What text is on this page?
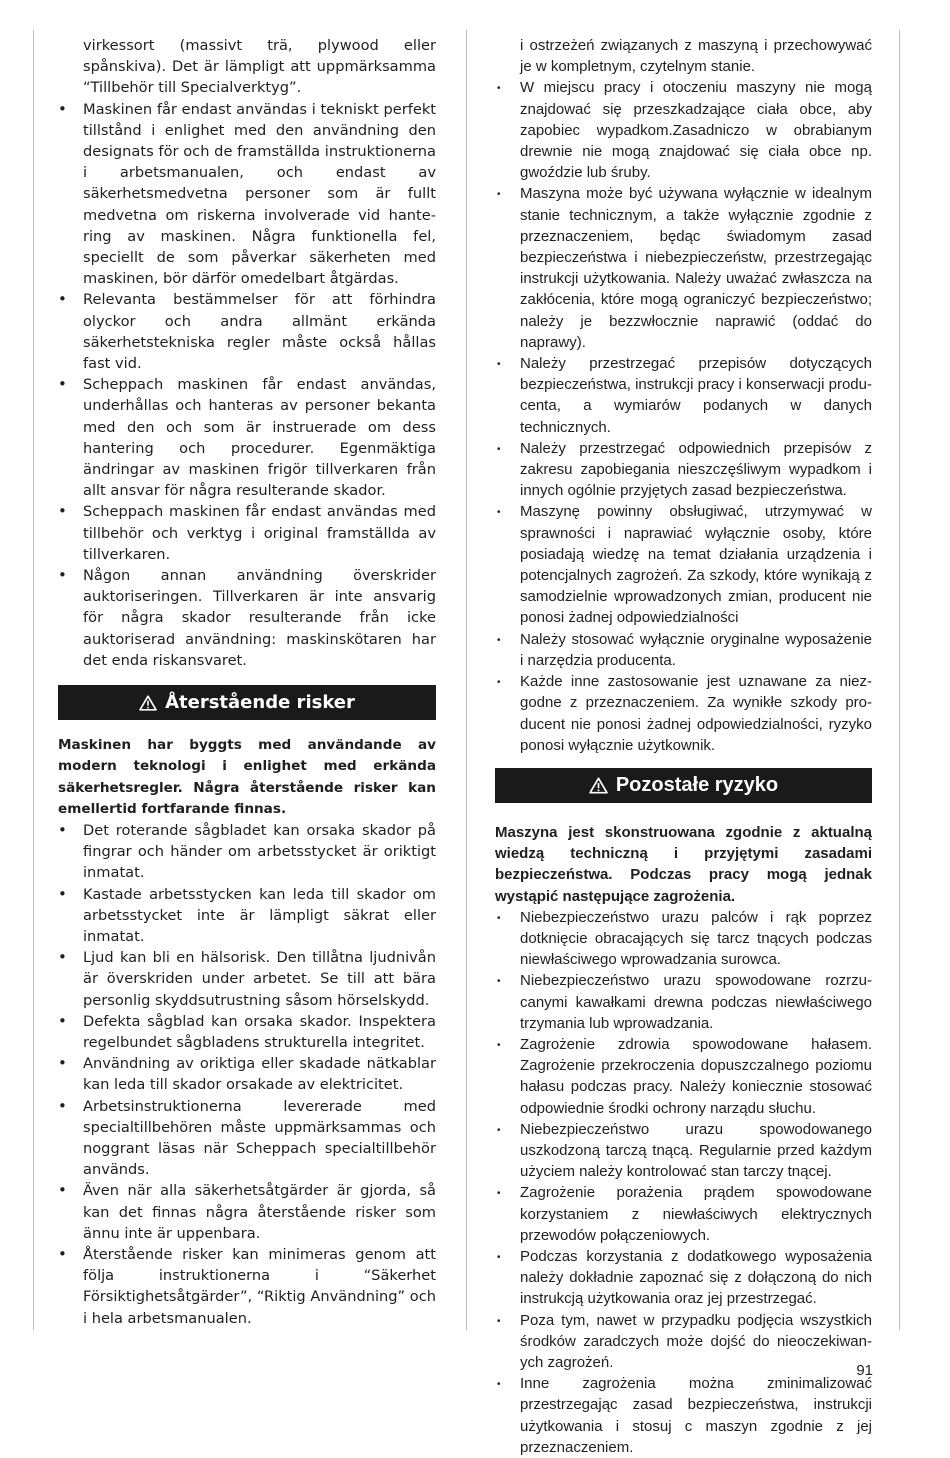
virkessort (massivt trä, plywood eller spånskiva). Det är lämpligt att uppmärksamma “Tillbehör till Specialverktyg”.

•	Maskinen får endast användas i tekniskt perfekt tillstånd i enlighet med den användning den designats för och de framställda instruktionerna i arbetsmanualen, och endast av säkerhetsmedvetna personer som är fullt medvetna om riskerna involverade vid hantering av maskinen. Några funktionella fel, speciellt de som påverkar säkerheten med maskinen, bör därför omedelbart åtgärdas.
•	Relevanta bestämmelser för att förhindra olyckor och andra allmänt erkända säkerhetstekniska regler måste också hållas fast vid.
•	Scheppach maskinen får endast användas, underhållas och hanteras av personer bekanta med den och som är instruerade om dess hantering och procedurer. Egenmäktiga ändringar av maskinen frigör tillverkaren från allt ansvar för några resulterande skador.
•	Scheppach maskinen får endast användas med tillbehör och verktyg i original framställda av tillverkaren.
•	Någon annan användning överskrider auktoriseringen. Tillverkaren är inte ansvarig för några skador resulterande från icke auktoriserad användning: maskinskötaren har det enda riskansvaret.
Återstående risker

Maskinen har byggts med användande av modern teknologi i enlighet med erkända säkerhetsregler. Några återstående risker kan emellertid fortfarande finnas.

•	Det roterande sågbladet kan orsaka skador på fingrar och händer om arbetsstycket är oriktigt inmatat.
•	Kastade arbetsstycken kan leda till skador om arbetsstycket inte är lämpligt säkrat eller inmatat.
•	Ljud kan bli en hälsorisk. Den tillåtna ljudnivån är överskriden under arbetet. Se till att bära personlig skyddsutrustning såsom hörselskydd.
•	Defekta sågblad kan orsaka skador. Inspektera regelbundet sågbladens strukturella integritet.
•	Användning av oriktiga eller skadade nätkablar kan leda till skador orsakade av elektricitet.
•	Arbetsinstruktionerna levererade med specialtillbehören måste uppmärksammas och noggrant läsas när Scheppach specialtillbehör används.
•	Även när alla säkerhetsåtgärder är gjorda, så kan det finnas några återstående risker som ännu inte är uppenbara.
•	Återstående risker kan minimeras genom att följa instruktionerna i “Säkerhet Försiktighetsåtgärder”, “Riktig Användning” och i hela arbetsmanualen.

i ostrzeżeń związanych z maszyną i przechowywać je w kompletnym, czytelnym stanie.

•	W miejscu pracy i otoczeniu maszyny nie mogą znajdować się przeszkadzające ciała obce, aby zapobiec wypadkom.Zasadniczo w obrabianym drewnie nie mogą znajdować się ciała obce np. gwoździe lub śruby.
•	Maszyna może być używana wyłącznie w idealnym stanie technicznym, a także wyłącznie zgodnie z przeznaczeniem, będąc świadomym zasad bezpieczeństwa i niebezpieczeństw, przestrzegając instrukcji użytkowania. Należy uważać zwłaszcza na zakłócenia, które mogą ograniczyć bezpieczeństwo; należy je bezzwłocznie naprawić (oddać do naprawy).
•	Należy przestrzegać przepisów dotyczących bezpieczeństwa, instrukcji pracy i konserwacji producenta, a wymiarów podanych w danych technicznych.
•	Należy przestrzegać odpowiednich przepisów z zakresu zapobiegania nieszczęśliwym wypadkom i innych ogólnie przyjętych zasad bezpieczeństwa.
•	Maszynę powinny obsługiwać, utrzymywać w sprawności i naprawiać wyłącznie osoby, które posiadają wiedzę na temat działania urządzenia i potencjalnych zagrożeń. Za szkody, które wynikają z samodzielnie wprowadzonych zmian, producent nie ponosi żadnej odpowiedzialności
•	Należy stosować wyłącznie oryginalne wyposażenie i narzędzia producenta.
•	Każde inne zastosowanie jest uznawane za niezgodne z przeznaczeniem. Za wynikłe szkody producent nie ponosi żadnej odpowiedzialności, ryzyko ponosi wyłącznie użytkownik.
Pozostałe ryzyko

Maszyna jest skonstruowana zgodnie z aktualną wiedzą techniczną i przyjętymi zasadami bezpieczeństwa. Podczas pracy mogą jednak wystąpić następujące zagrożenia.

•	Niebezpieczeństwo urazu palców i rąk poprzez dotknięcie obracających się tarcz tnących podczas niewłaściwego wprowadzania surowca.
•	Niebezpieczeństwo urazu spowodowane rozrzucanymi kawałkami drewna podczas niewłaściwego trzymania lub wprowadzania.
•	Zagrożenie zdrowia spowodowane hałasem. Zagrożenie przekroczenia dopuszczalnego poziomu hałasu podczas pracy. Należy koniecznie stosować odpowiednie środki ochrony narządu słuchu.
•	Niebezpieczeństwo urazu spowodowanego uszkodzoną tarczą tnącą. Regularnie przed każdym użyciem należy kontrolować stan tarczy tnącej.
•	Zagrożenie porażenia prądem spowodowane korzystaniem z niewłaściwych elektrycznych przewodów połączeniowych.
•	Podczas korzystania z dodatkowego wyposażenia należy dokładnie zapoznać się z dołączoną do nich instrukcją użytkowania oraz jej przestrzegać.
•	Poza tym, nawet w przypadku podjęcia wszystkich środków zaradczych może dojść do nieoczekiwanych zagrożeń.
•	Inne zagrożenia można zminimalizować przestrzegając zasad bezpieczeństwa, instrukcji użytkowania i stosuj c maszyn zgodnie z jej przeznaczeniem.
91
